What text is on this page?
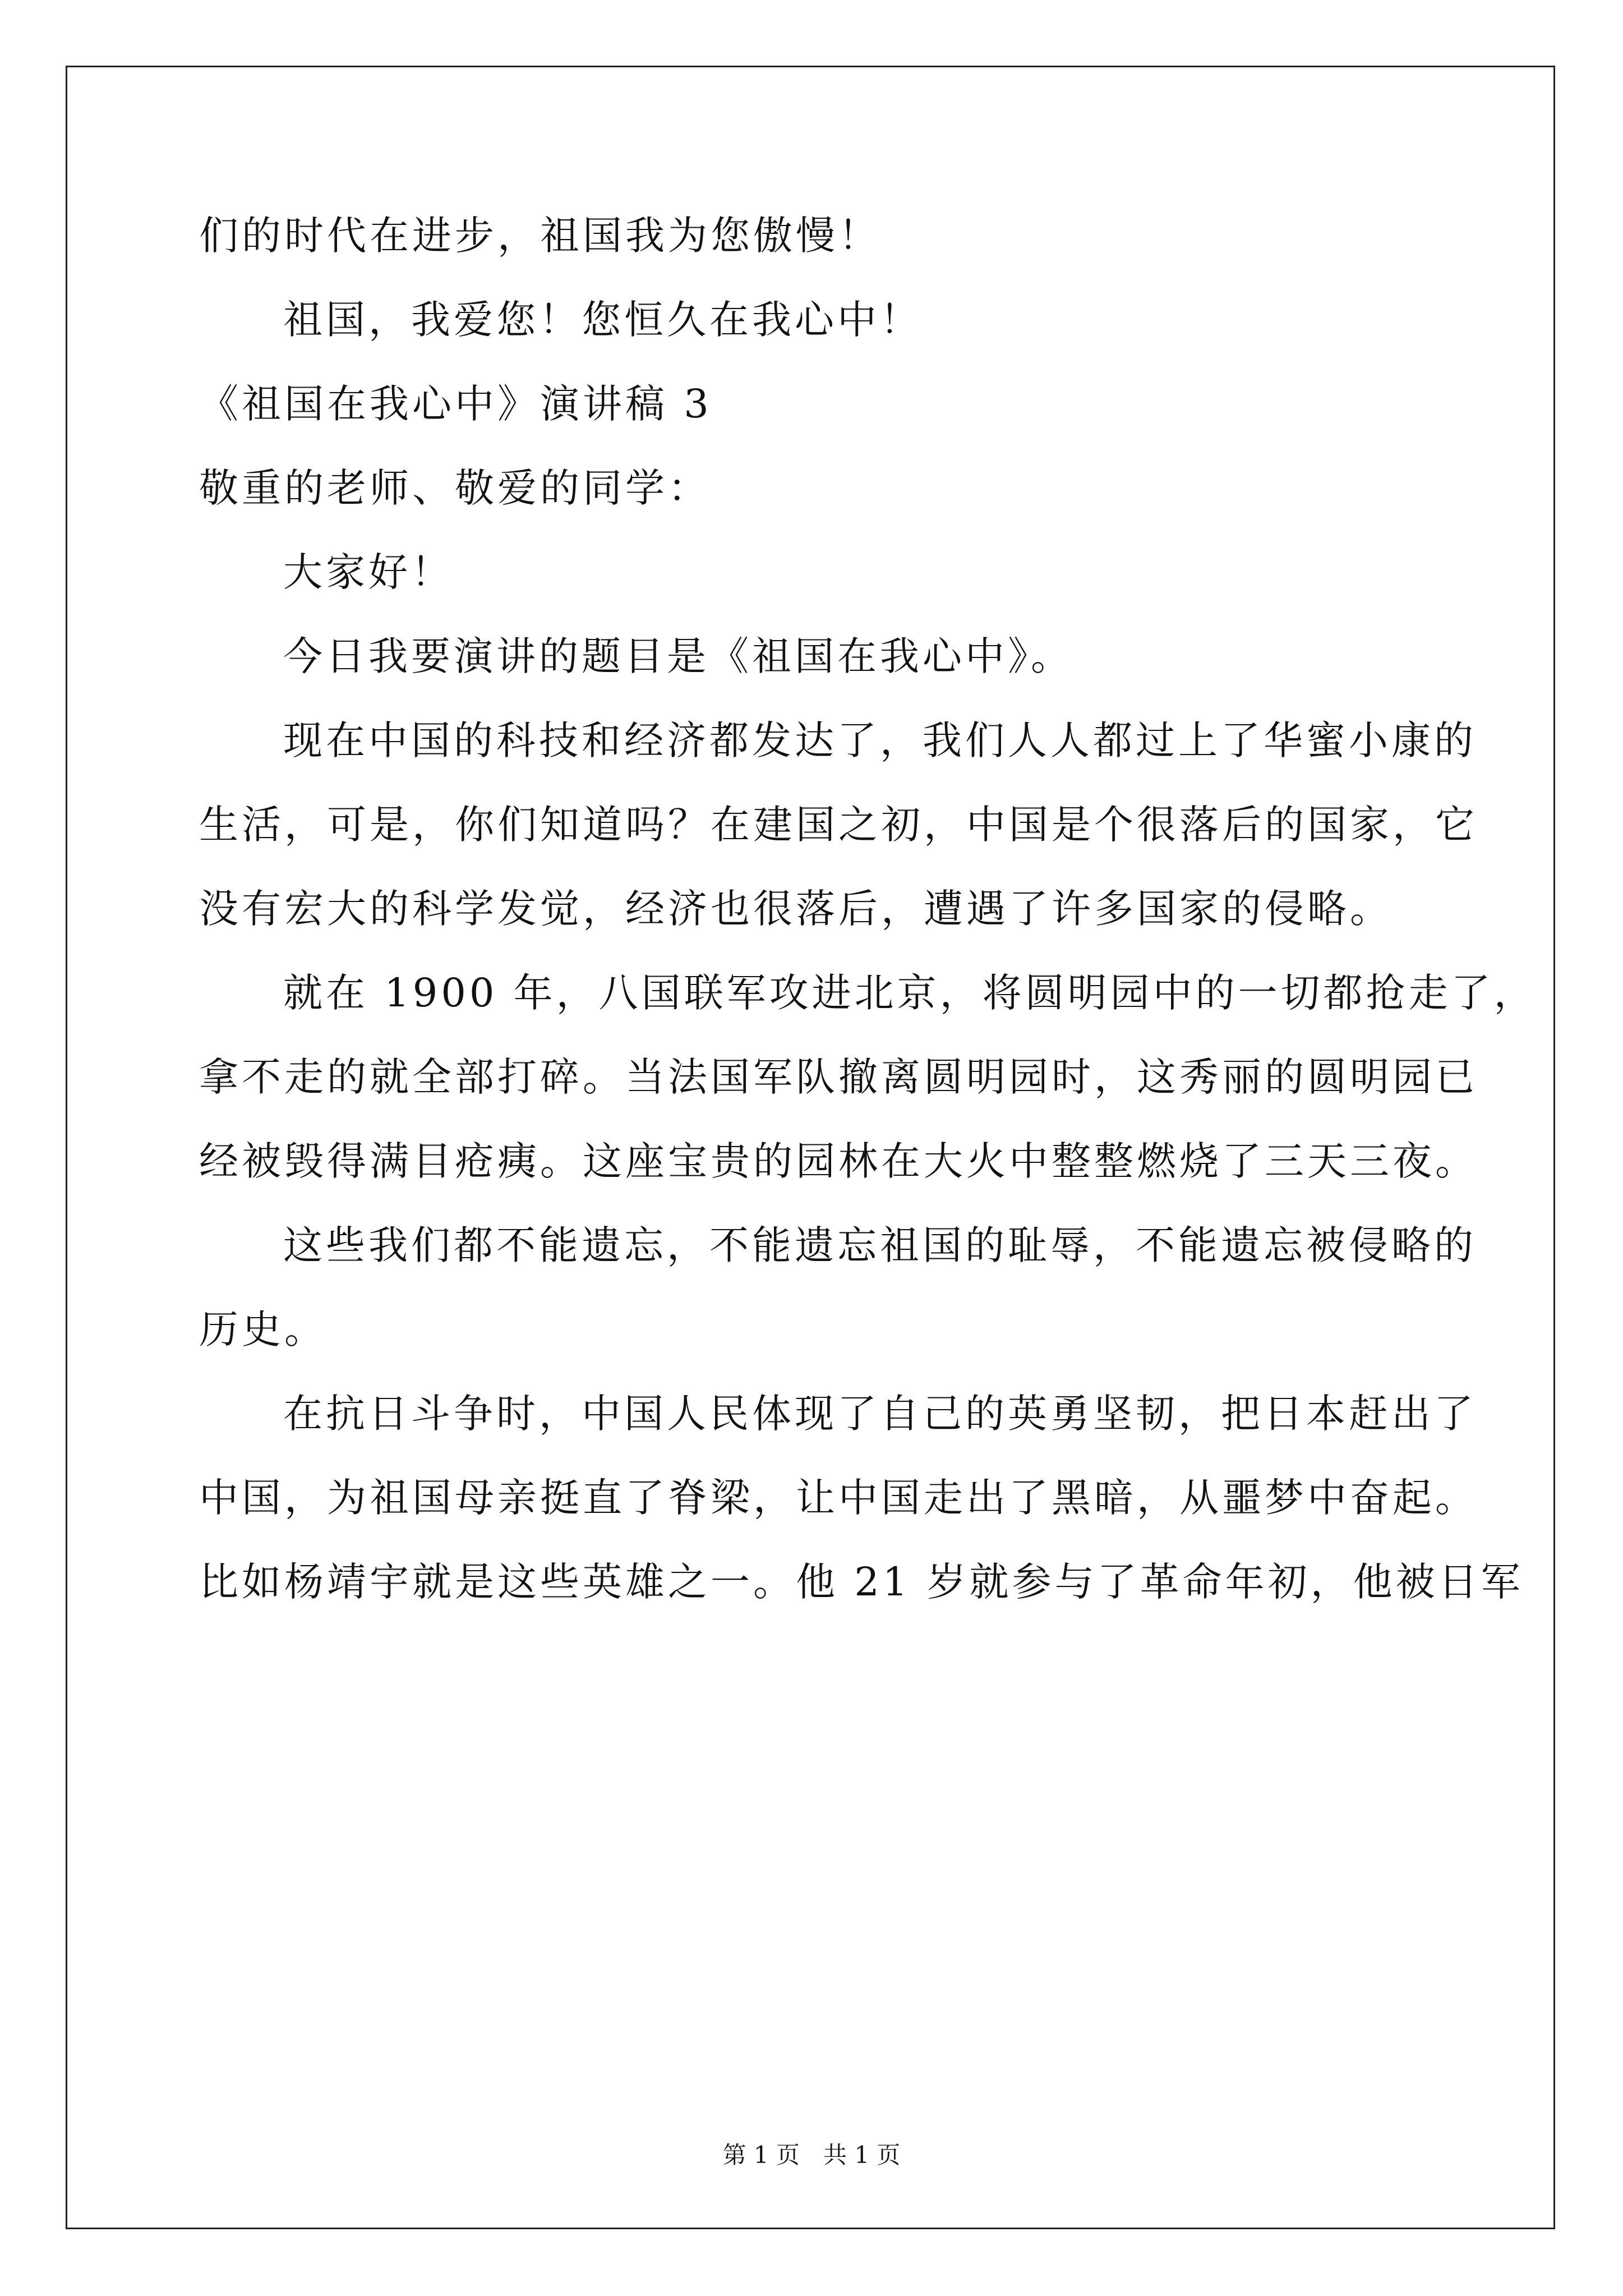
们的时代在进步，祖国我为您傲慢！
祖国，我爱您！您恒久在我心中！
《祖国在我心中》演讲稿 3
敬重的老师、敬爱的同学：
大家好！
今日我要演讲的题目是《祖国在我心中》。
现在中国的科技和经济都发达了，我们人人都过上了华蜜小康的
生活，可是，你们知道吗？在建国之初，中国是个很落后的国家，它
没有宏大的科学发觉，经济也很落后，遭遇了许多国家的侵略。
就在 1900 年，八国联军攻进北京，将圆明园中的一切都抢走了，
拿不走的就全部打碎。当法国军队撤离圆明园时，这秀丽的圆明园已
经被毁得满目疮痍。这座宝贵的园林在大火中整整燃烧了三天三夜。
这些我们都不能遗忘，不能遗忘祖国的耻辱，不能遗忘被侵略的
历史。
在抗日斗争时，中国人民体现了自己的英勇坚韧，把日本赶出了
中国，为祖国母亲挺直了脊梁，让中国走出了黑暗，从噩梦中奋起。
比如杨靖宇就是这些英雄之一。他 21 岁就参与了革命年初，他被日军
第 1 页　共 1 页
